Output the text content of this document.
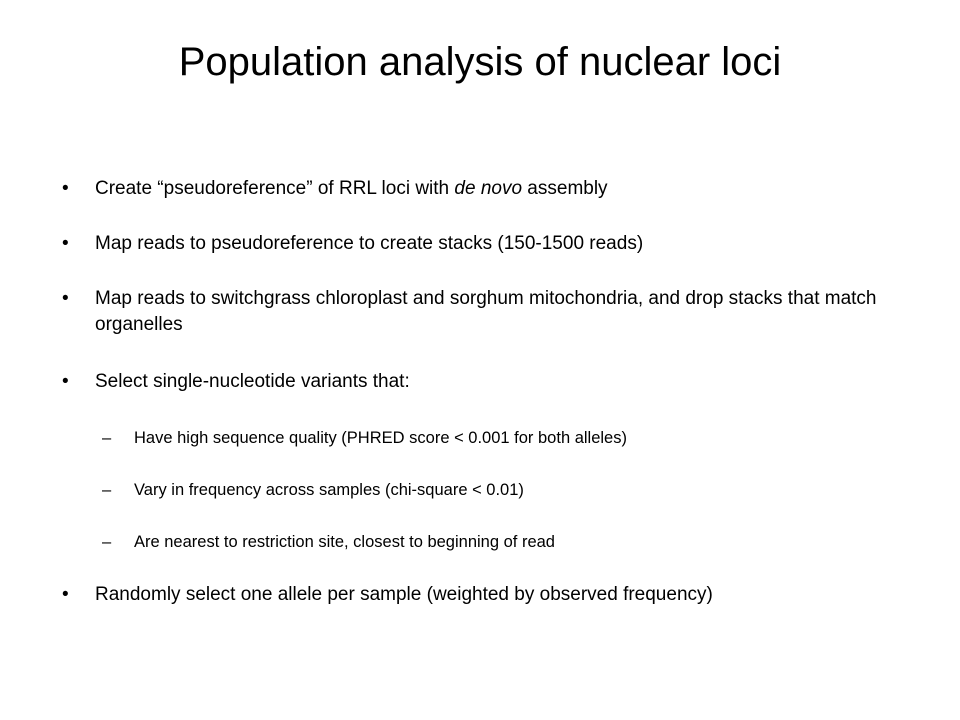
Population analysis of nuclear loci
•	Create “pseudoreference” of RRL loci with de novo assembly
•	Map reads to pseudoreference to create stacks (150-1500 reads)
•	Map reads to switchgrass chloroplast and sorghum mitochondria, and drop stacks that match organelles
•	Select single-nucleotide variants that:
– Have high sequence quality (PHRED score < 0.001 for both alleles)
– Vary in frequency across samples (chi-square < 0.01)
– Are nearest to restriction site, closest to beginning of read
•	Randomly select one allele per sample (weighted by observed frequency)
